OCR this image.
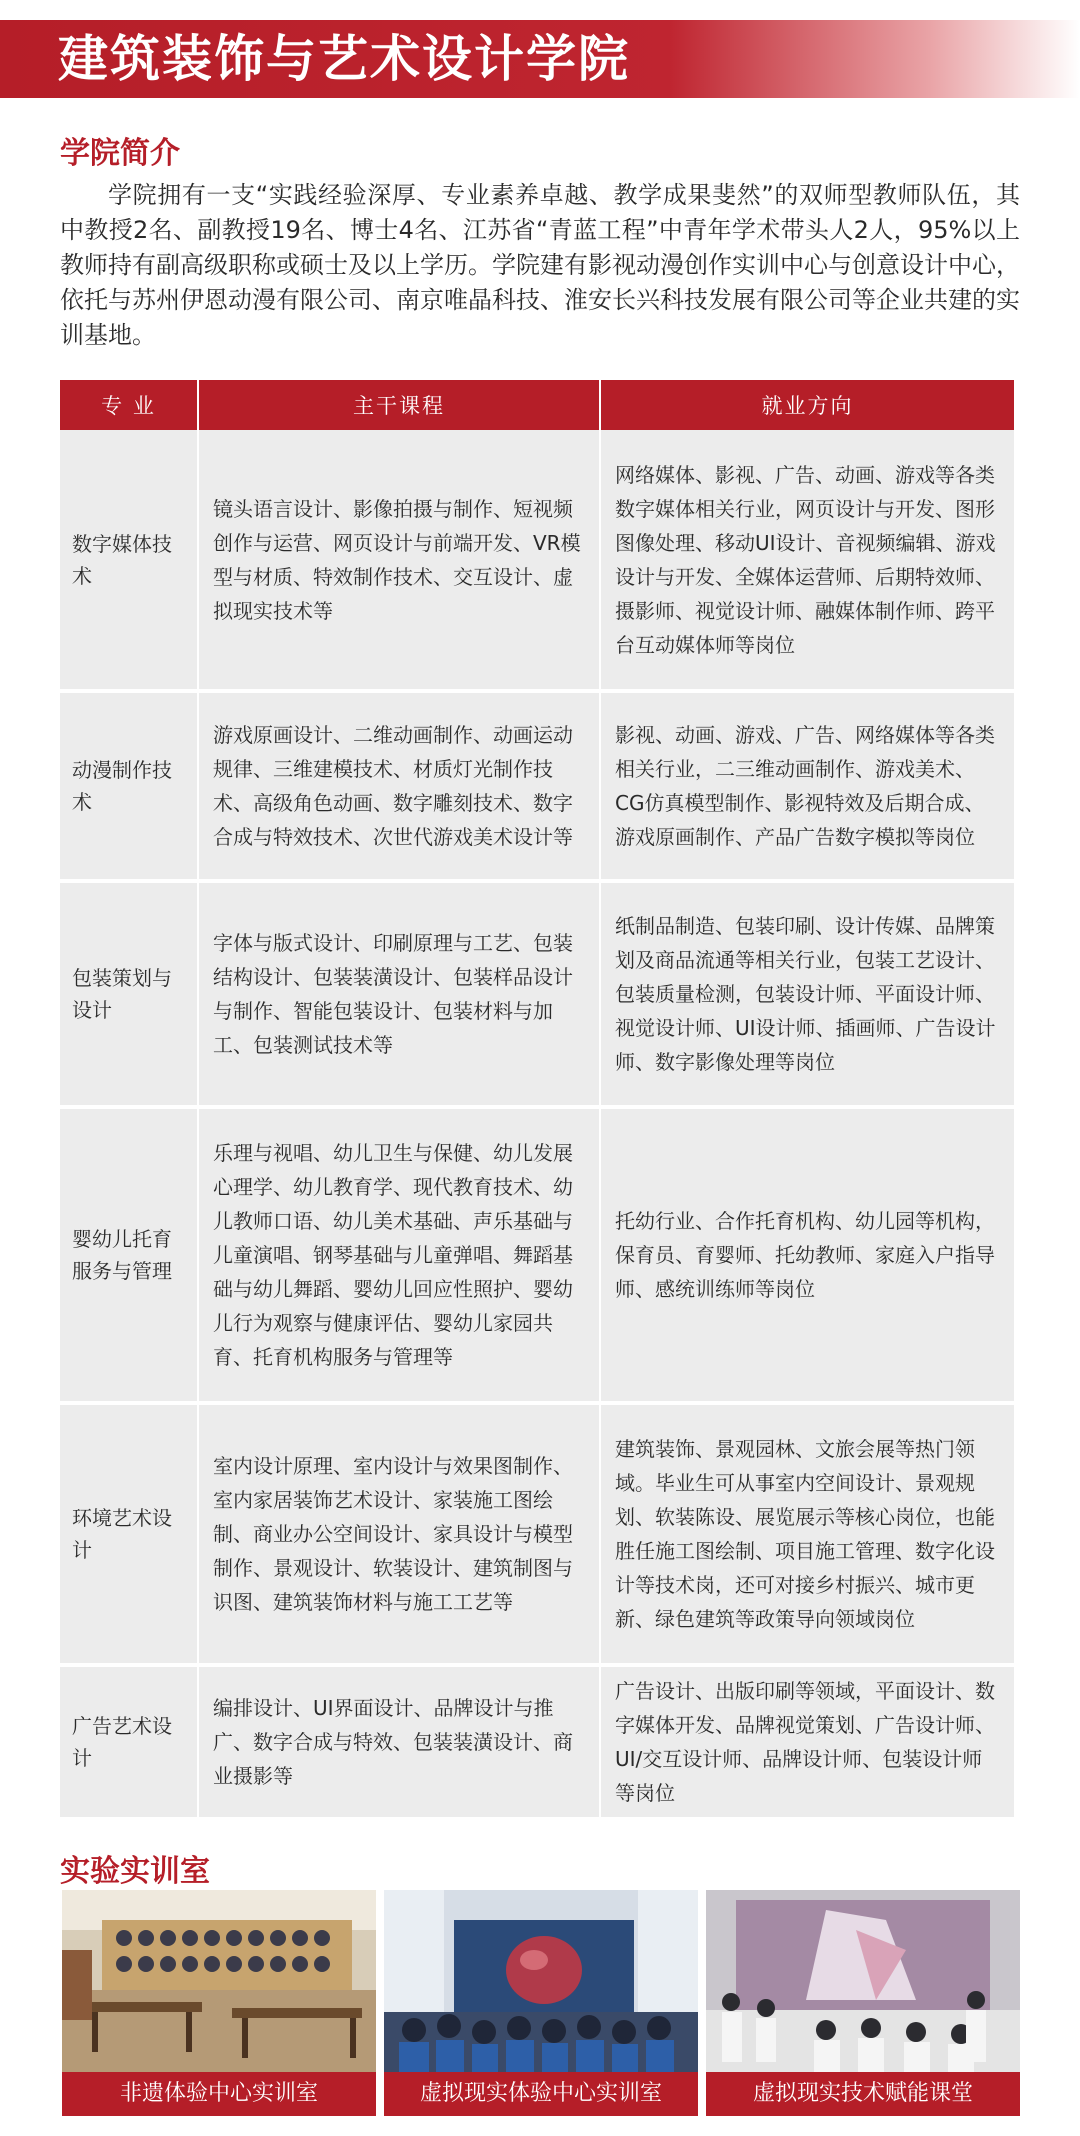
建筑装饰与艺术设计学院
学院简介

学院拥有一支“实践经验深厚、专业素养卓越、教学成果斐然”的双师型教师队伍，其中教授2名、副教授19名、博士4名、江苏省“青蓝工程”中青年学术带头人2人，95%以上教师持有副高级职称或硕士及以上学历。学院建有影视动漫创作实训中心与创意设计中心，依托与苏州伊恩动漫有限公司、南京唯晶科技、淮安长兴科技发展有限公司等企业共建的实训基地。

专 业	主干课程	就业方向
数字媒体技术	镜头语言设计、影像拍摄与制作、短视频创作与运营、网页设计与前端开发、VR模型与材质、特效制作技术、交互设计、虚拟现实技术等	网络媒体、影视、广告、动画、游戏等各类数字媒体相关行业，网页设计与开发、图形图像处理、移动UI设计、音视频编辑、游戏设计与开发、全媒体运营师、后期特效师、摄影师、视觉设计师、融媒体制作师、跨平台互动媒体师等岗位
动漫制作技术	游戏原画设计、二维动画制作、动画运动规律、三维建模技术、材质灯光制作技术、高级角色动画、数字雕刻技术、数字合成与特效技术、次世代游戏美术设计等	影视、动画、游戏、广告、网络媒体等各类相关行业，二三维动画制作、游戏美术、CG仿真模型制作、影视特效及后期合成、游戏原画制作、产品广告数字模拟等岗位
包装策划与设计	字体与版式设计、印刷原理与工艺、包装结构设计、包装装潢设计、包装样品设计与制作、智能包装设计、包装材料与加工、包装测试技术等	纸制品制造、包装印刷、设计传媒、品牌策划及商品流通等相关行业，包装工艺设计、包装质量检测，包装设计师、平面设计师、视觉设计师、UI设计师、插画师、广告设计师、数字影像处理等岗位
婴幼儿托育服务与管理	乐理与视唱、幼儿卫生与保健、幼儿发展心理学、幼儿教育学、现代教育技术、幼儿教师口语、幼儿美术基础、声乐基础与儿童演唱、钢琴基础与儿童弹唱、舞蹈基础与幼儿舞蹈、婴幼儿回应性照护、婴幼儿行为观察与健康评估、婴幼儿家园共育、托育机构服务与管理等	托幼行业、合作托育机构、幼儿园等机构，保育员、育婴师、托幼教师、家庭入户指导师、感统训练师等岗位
环境艺术设计	室内设计原理、室内设计与效果图制作、室内家居装饰艺术设计、家装施工图绘制、商业办公空间设计、家具设计与模型制作、景观设计、软装设计、建筑制图与识图、建筑装饰材料与施工工艺等	建筑装饰、景观园林、文旅会展等热门领域。毕业生可从事室内空间设计、景观规划、软装陈设、展览展示等核心岗位，也能胜任施工图绘制、项目施工管理、数字化设计等技术岗，还可对接乡村振兴、城市更新、绿色建筑等政策导向领域岗位
广告艺术设计	编排设计、UI界面设计、品牌设计与推广、数字合成与特效、包装装潢设计、商业摄影等	广告设计、出版印刷等领域，平面设计、数字媒体开发、品牌视觉策划、广告设计师、UI/交互设计师、品牌设计师、包装设计师等岗位
实验实训室
非遗体验中心实训室	虚拟现实体验中心实训室	虚拟现实技术赋能课堂
